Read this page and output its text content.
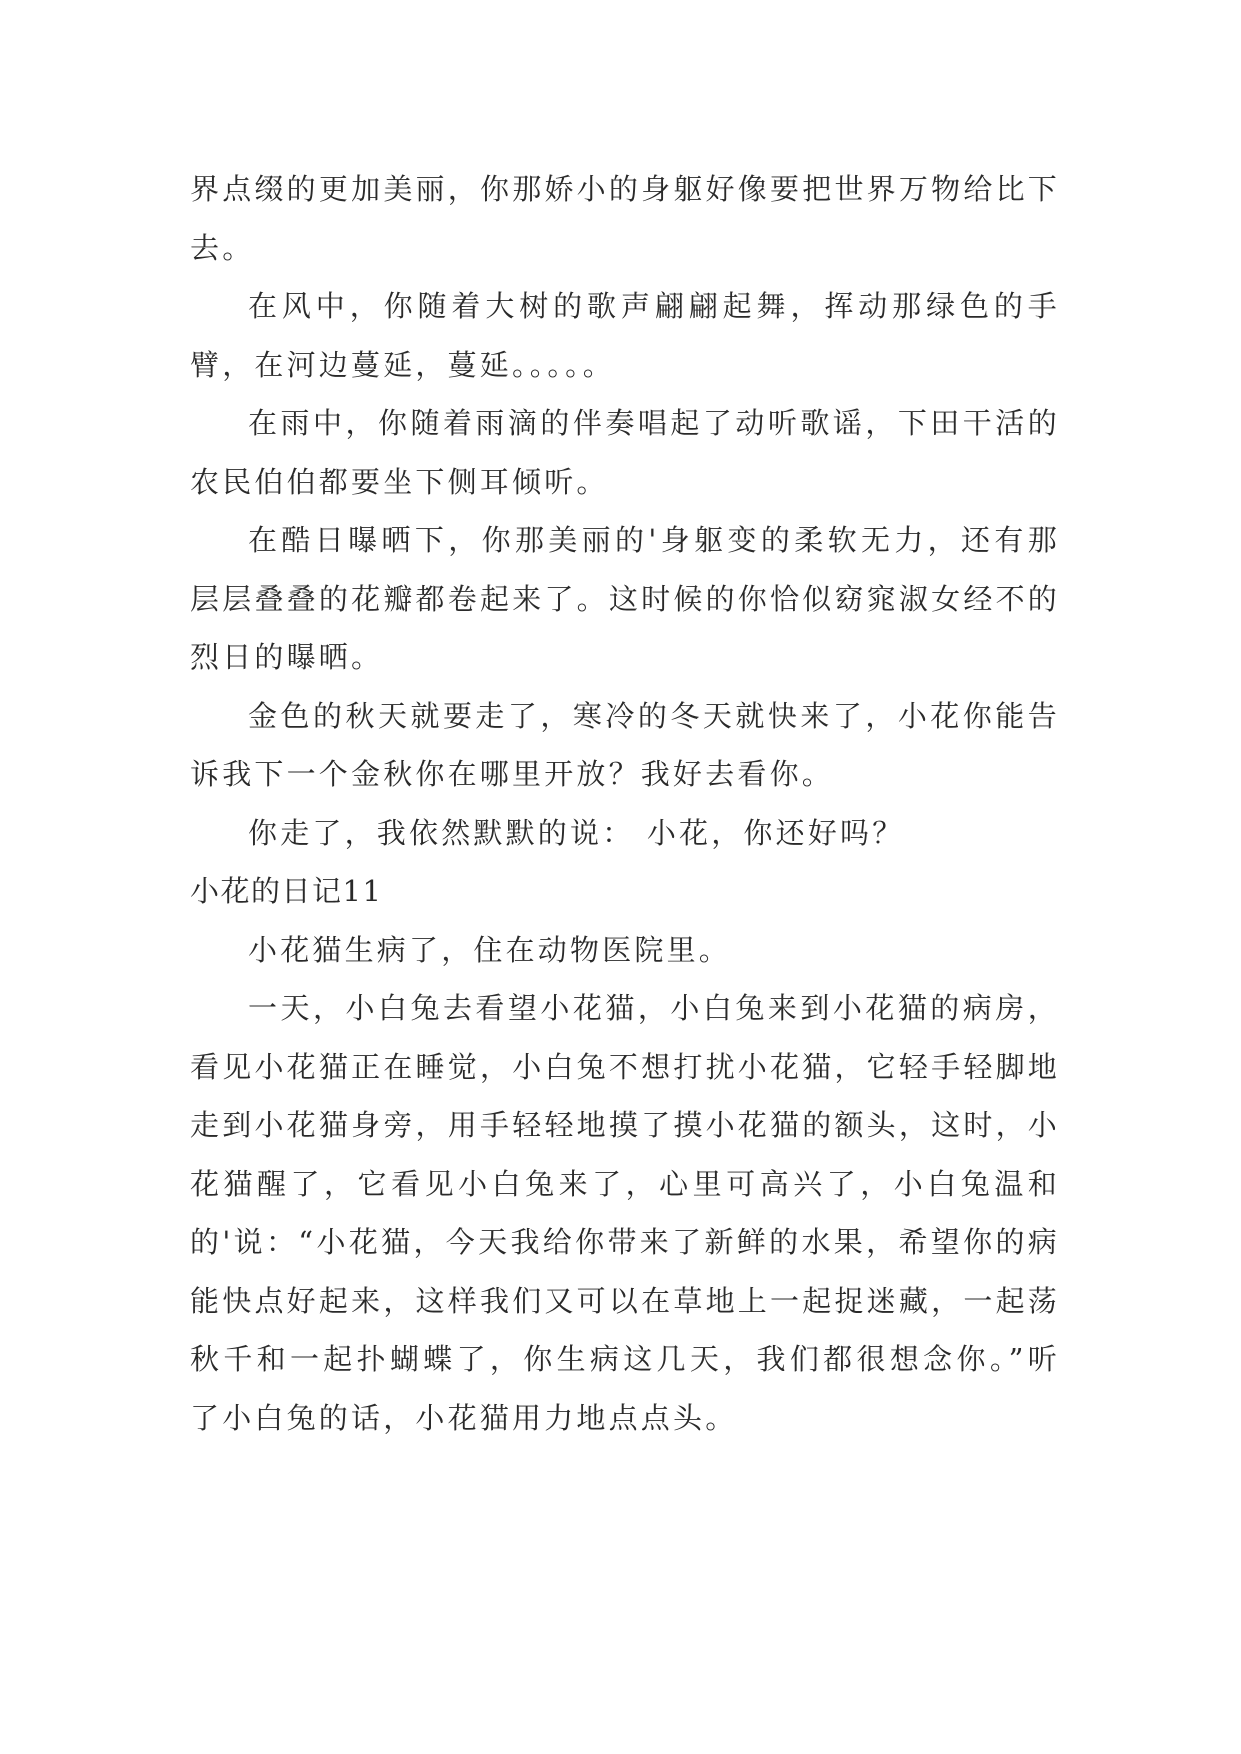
界点缀的更加美丽，你那娇小的身躯好像要把世界万物给比下去。

在风中，你随着大树的歌声翩翩起舞，挥动那绿色的手臂，在河边蔓延，蔓延。。。。。

在雨中，你随着雨滴的伴奏唱起了动听歌谣，下田干活的农民伯伯都要坐下侧耳倾听。

在酷日曝晒下，你那美丽的'身躯变的柔软无力，还有那层层叠叠的花瓣都卷起来了。这时候的你恰似窈窕淑女经不的烈日的曝晒。

金色的秋天就要走了，寒冷的冬天就快来了，小花你能告诉我下一个金秋你在哪里开放？我好去看你。

你走了，我依然默默的说： 小花，你还好吗？

小花的日记11

小花猫生病了，住在动物医院里。

一天，小白兔去看望小花猫，小白兔来到小花猫的病房，看见小花猫正在睡觉，小白兔不想打扰小花猫，它轻手轻脚地走到小花猫身旁，用手轻轻地摸了摸小花猫的额头，这时，小花猫醒了，它看见小白兔来了，心里可高兴了，小白兔温和的'说：“小花猫，今天我给你带来了新鲜的水果，希望你的病能快点好起来，这样我们又可以在草地上一起捉迷藏，一起荡秋千和一起扑蝴蝶了，你生病这几天，我们都很想念你。”听了小白兔的话，小花猫用力地点点头。
